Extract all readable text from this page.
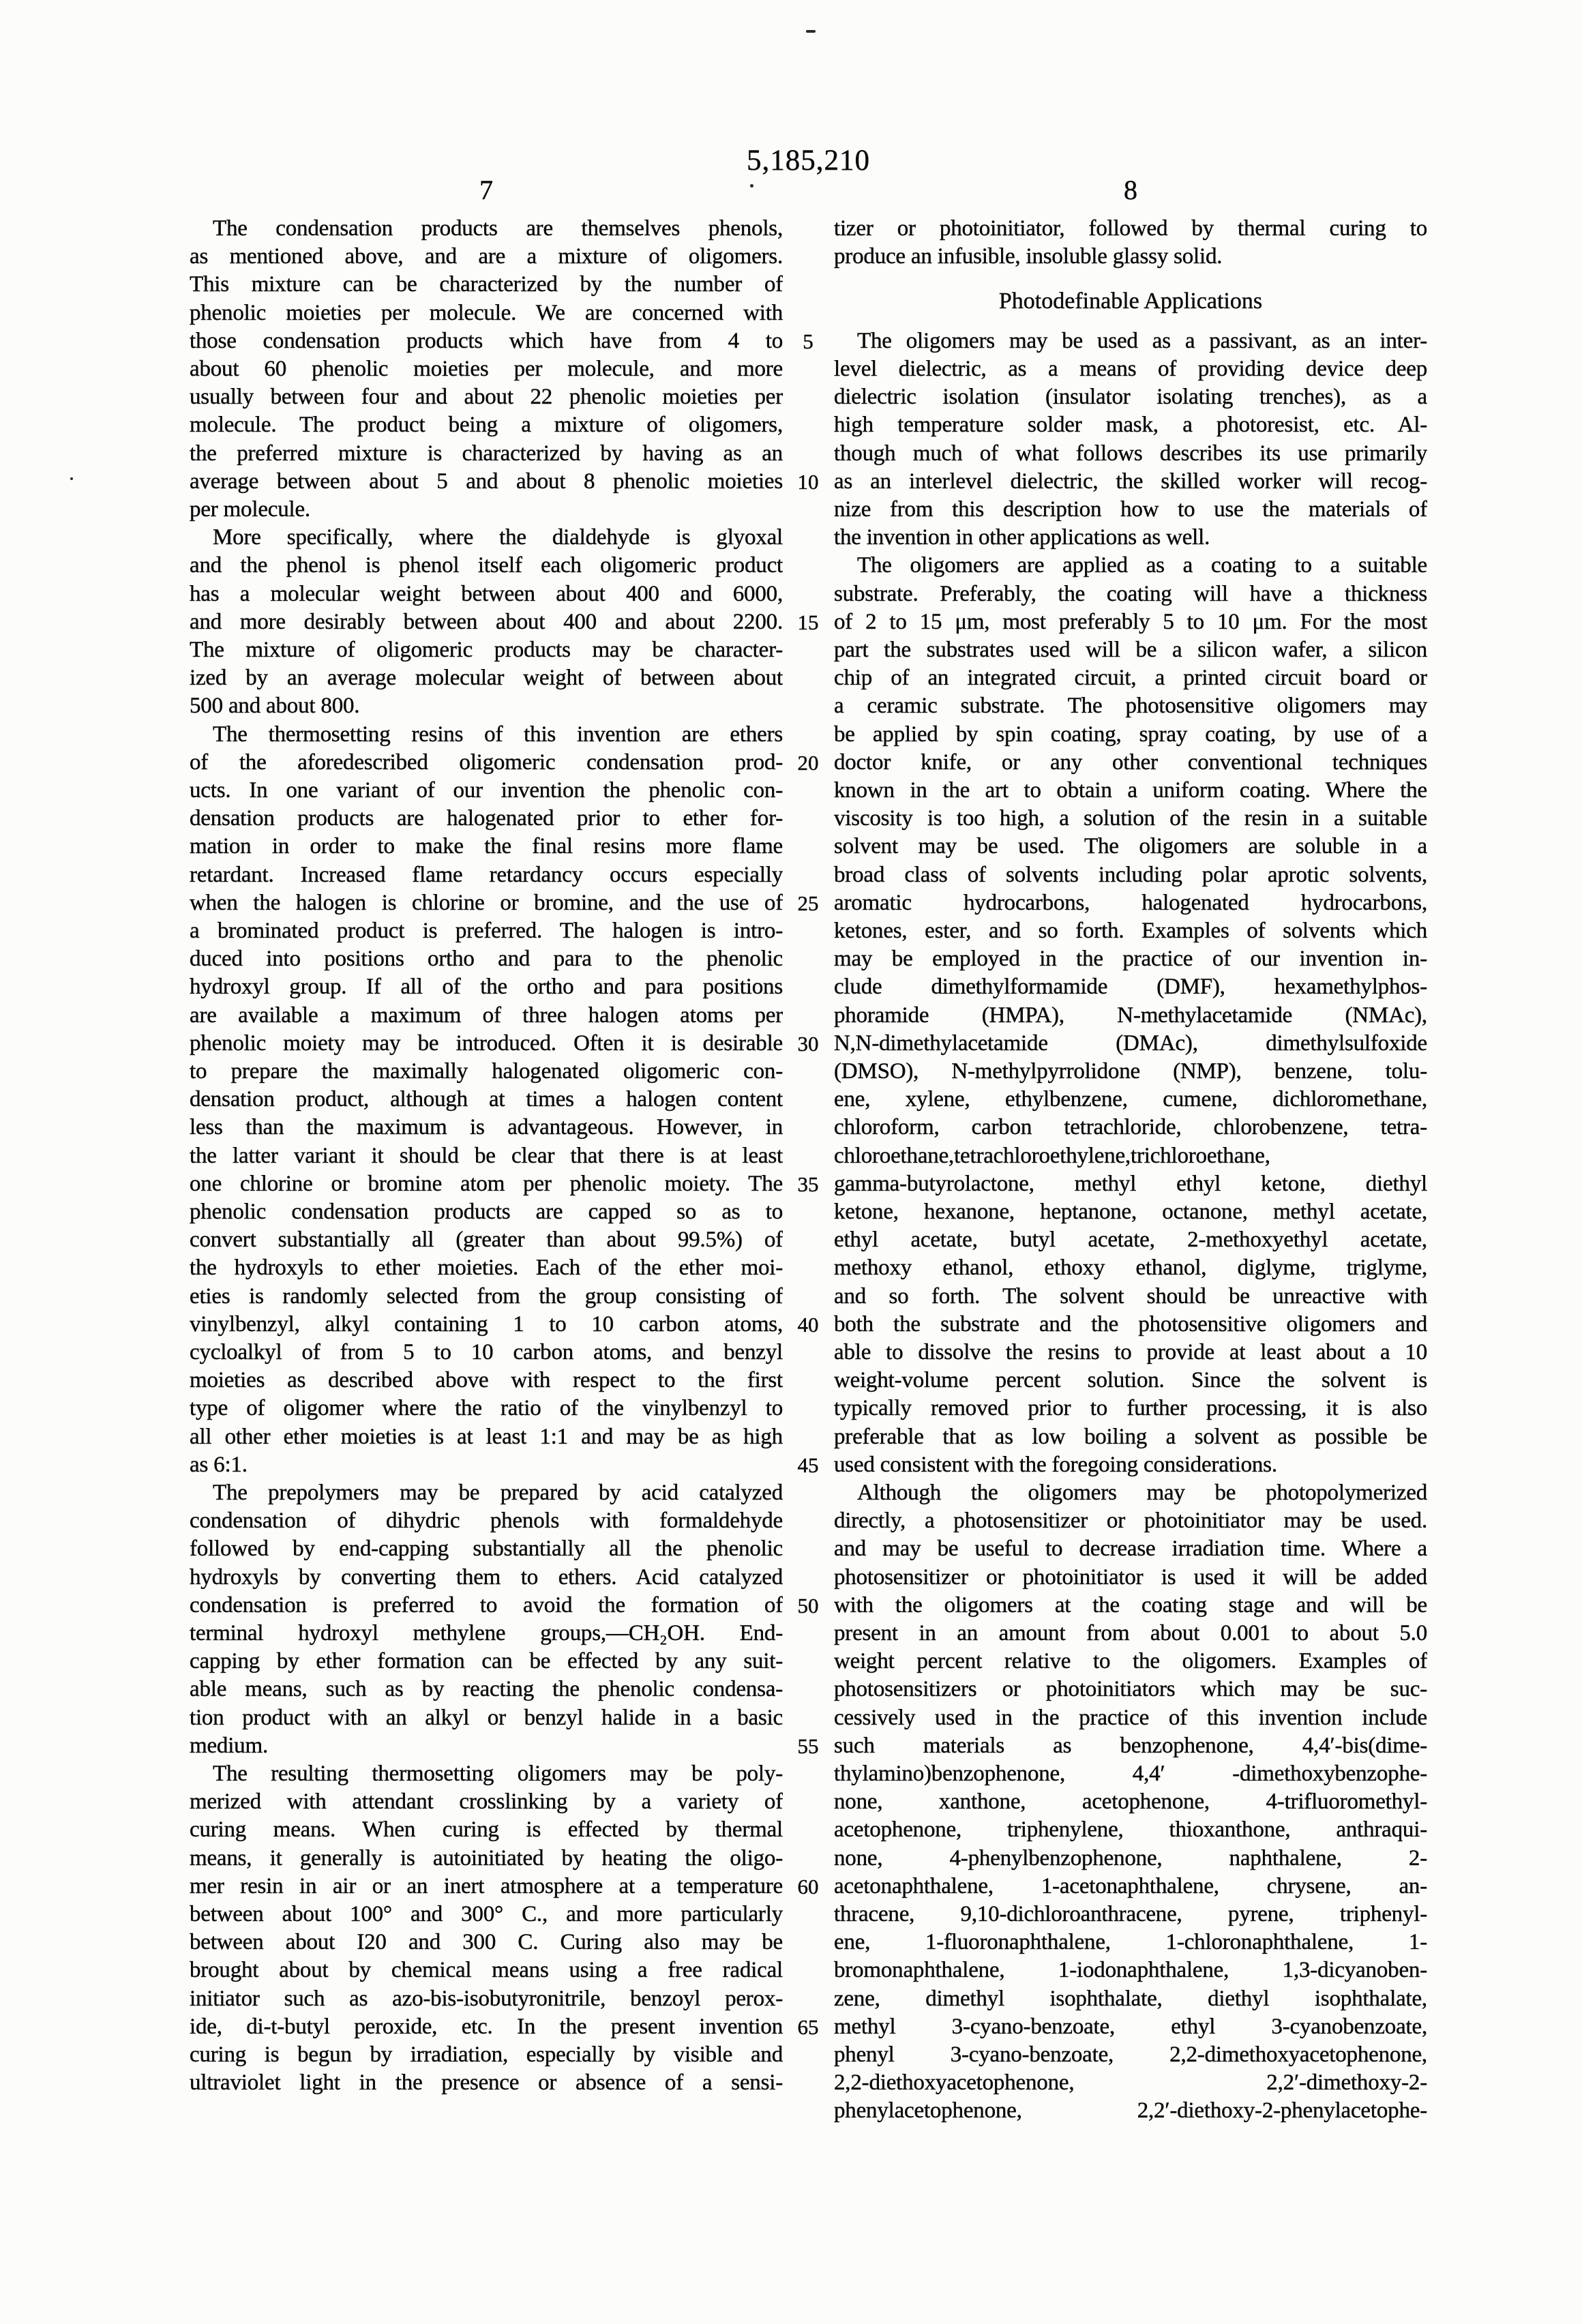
5,185,210
7	8
Photodefinable Applications
The condensation products are themselves phenols,
as mentioned above, and are a mixture of oligomers.
This mixture can be characterized by the number of
phenolic moieties per molecule. We are concerned with
those condensation products which have from 4 to
about 60 phenolic moieties per molecule, and more
usually between four and about 22 phenolic moieties per
molecule. The product being a mixture of oligomers,
the preferred mixture is characterized by having as an
average between about 5 and about 8 phenolic moieties
per molecule.
More specifically, where the dialdehyde is glyoxal
and the phenol is phenol itself each oligomeric product
has a molecular weight between about 400 and 6000,
and more desirably between about 400 and about 2200.
The mixture of oligomeric products may be character-
ized by an average molecular weight of between about
500 and about 800.
The thermosetting resins of this invention are ethers
of the aforedescribed oligomeric condensation prod-
ucts. In one variant of our invention the phenolic con-
densation products are halogenated prior to ether for-
mation in order to make the final resins more flame
retardant. Increased flame retardancy occurs especially
when the halogen is chlorine or bromine, and the use of
a brominated product is preferred. The halogen is intro-
duced into positions ortho and para to the phenolic
hydroxyl group. If all of the ortho and para positions
are available a maximum of three halogen atoms per
phenolic moiety may be introduced. Often it is desirable
to prepare the maximally halogenated oligomeric con-
densation product, although at times a halogen content
less than the maximum is advantageous. However, in
the latter variant it should be clear that there is at least
one chlorine or bromine atom per phenolic moiety. The
phenolic condensation products are capped so as to
convert substantially all (greater than about 99.5%) of
the hydroxyls to ether moieties. Each of the ether moi-
eties is randomly selected from the group consisting of
vinylbenzyl, alkyl containing 1 to 10 carbon atoms,
cycloalkyl of from 5 to 10 carbon atoms, and benzyl
moieties as described above with respect to the first
type of oligomer where the ratio of the vinylbenzyl to
all other ether moieties is at least 1:1 and may be as high
as 6:1.
The prepolymers may be prepared by acid catalyzed
condensation of dihydric phenols with formaldehyde
followed by end-capping substantially all the phenolic
hydroxyls by converting them to ethers. Acid catalyzed
condensation is preferred to avoid the formation of
terminal hydroxyl methylene groups,—CH₂OH. End-
capping by ether formation can be effected by any suit-
able means, such as by reacting the phenolic condensa-
tion product with an alkyl or benzyl halide in a basic
medium.
The resulting thermosetting oligomers may be poly-
merized with attendant crosslinking by a variety of
curing means. When curing is effected by thermal
means, it generally is autoinitiated by heating the oligo-
mer resin in air or an inert atmosphere at a temperature
between about 100° and 300° C., and more particularly
between about I20 and 300 C. Curing also may be
brought about by chemical means using a free radical
initiator such as azo-bis-isobutyronitrile, benzoyl perox-
ide, di-t-butyl peroxide, etc. In the present invention
curing is begun by irradiation, especially by visible and
ultraviolet light in the presence or absence of a sensi-
tizer or photoinitiator, followed by thermal curing to
produce an infusible, insoluble glassy solid.
The oligomers may be used as a passivant, as an inter-
level dielectric, as a means of providing device deep
dielectric isolation (insulator isolating trenches), as a
high temperature solder mask, a photoresist, etc. Al-
though much of what follows describes its use primarily
as an interlevel dielectric, the skilled worker will recog-
nize from this description how to use the materials of
the invention in other applications as well.
The oligomers are applied as a coating to a suitable
substrate. Preferably, the coating will have a thickness
of 2 to 15 μm, most preferably 5 to 10 μm. For the most
part the substrates used will be a silicon wafer, a silicon
chip of an integrated circuit, a printed circuit board or
a ceramic substrate. The photosensitive oligomers may
be applied by spin coating, spray coating, by use of a
doctor knife, or any other conventional techniques
known in the art to obtain a uniform coating. Where the
viscosity is too high, a solution of the resin in a suitable
solvent may be used. The oligomers are soluble in a
broad class of solvents including polar aprotic solvents,
aromatic hydrocarbons, halogenated hydrocarbons,
ketones, ester, and so forth. Examples of solvents which
may be employed in the practice of our invention in-
clude dimethylformamide (DMF), hexamethylphos-
phoramide (HMPA), N-methylacetamide (NMAc),
N,N-dimethylacetamide (DMAc), dimethylsulfoxide
(DMSO), N-methylpyrrolidone (NMP), benzene, tolu-
ene, xylene, ethylbenzene, cumene, dichloromethane,
chloroform, carbon tetrachloride, chlorobenzene, tetra-
chloroethane,tetrachloroethylene,trichloroethane,
gamma-butyrolactone, methyl ethyl ketone, diethyl
ketone, hexanone, heptanone, octanone, methyl acetate,
ethyl acetate, butyl acetate, 2-methoxyethyl acetate,
methoxy ethanol, ethoxy ethanol, diglyme, triglyme,
and so forth. The solvent should be unreactive with
both the substrate and the photosensitive oligomers and
able to dissolve the resins to provide at least about a 10
weight-volume percent solution. Since the solvent is
typically removed prior to further processing, it is also
preferable that as low boiling a solvent as possible be
used consistent with the foregoing considerations.
Although the oligomers may be photopolymerized
directly, a photosensitizer or photoinitiator may be used.
and may be useful to decrease irradiation time. Where a
photosensitizer or photoinitiator is used it will be added
with the oligomers at the coating stage and will be
present in an amount from about 0.001 to about 5.0
weight percent relative to the oligomers. Examples of
photosensitizers or photoinitiators which may be suc-
cessively used in the practice of this invention include
such materials as benzophenone, 4,4′-bis(dime-
thylamino)benzophenone, 4,4′ -dimethoxybenzophe-
none, xanthone, acetophenone, 4-trifluoromethyl-
acetophenone, triphenylene, thioxanthone, anthraqui-
none, 4-phenylbenzophenone, naphthalene, 2-
acetonaphthalene, 1-acetonaphthalene, chrysene, an-
thracene, 9,10-dichloroanthracene, pyrene, triphenyl-
ene, 1-fluoronaphthalene, 1-chloronaphthalene, 1-
bromonaphthalene, 1-iodonaphthalene, 1,3-dicyanoben-
zene, dimethyl isophthalate, diethyl isophthalate,
methyl 3-cyano-benzoate, ethyl 3-cyanobenzoate,
phenyl 3-cyano-benzoate, 2,2-dimethoxyacetophenone,
2,2-diethoxyacetophenone, 2,2′-dimethoxy-2-
phenylacetophenone, 2,2′-diethoxy-2-phenylacetophe-
5
10
15
20
25
30
35
40
45
50
55
60
65
